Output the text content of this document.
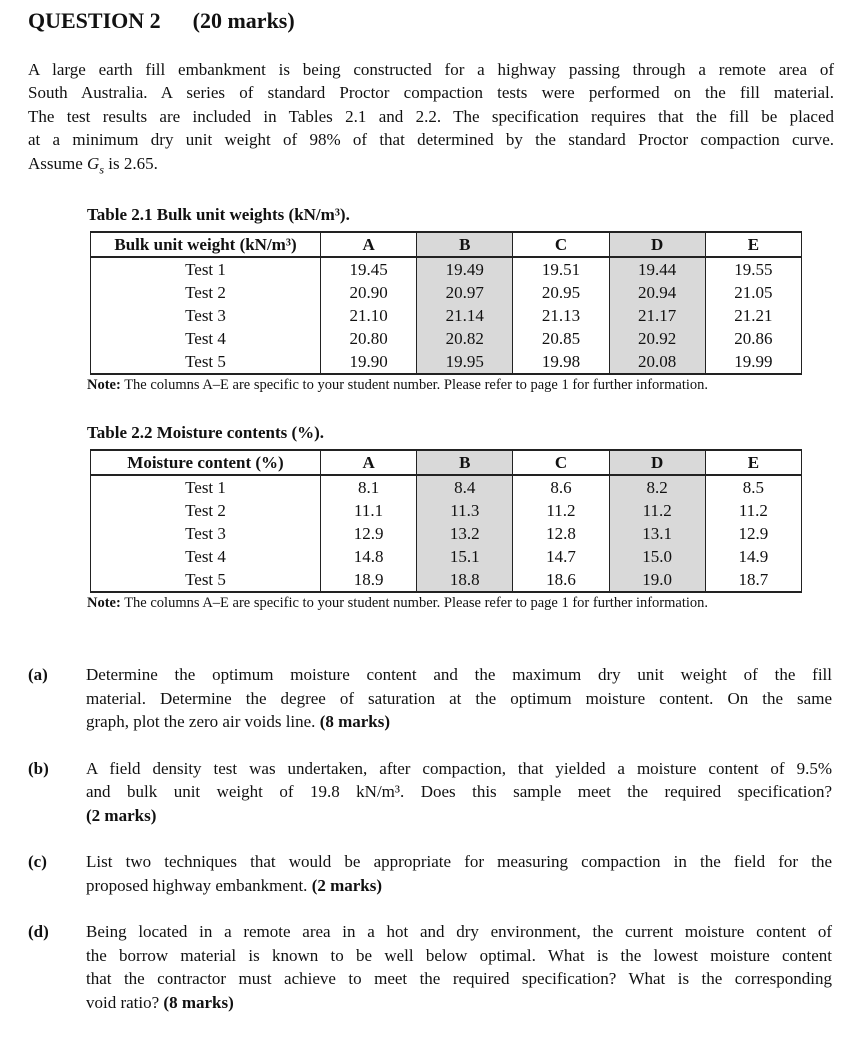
QUESTION 2 (20 marks)
A large earth fill embankment is being constructed for a highway passing through a remote area of
South Australia. A series of standard Proctor compaction tests were performed on the fill material.
The test results are included in Tables 2.1 and 2.2. The specification requires that the fill be placed
at a minimum dry unit weight of 98% of that determined by the standard Proctor compaction curve.
Assume $G_s$ is 2.65.
Table 2.1 Bulk unit weights (kN/m³).
Bulk unit weight (kN/m³)	A	B	C	D	E
Test 1	19.45	19.49	19.51	19.44	19.55
Test 2	20.90	20.97	20.95	20.94	21.05
Test 3	21.10	21.14	21.13	21.17	21.21
Test 4	20.80	20.82	20.85	20.92	20.86
Test 5	19.90	19.95	19.98	20.08	19.99
Note: The columns A–E are specific to your student number. Please refer to page 1 for further information.
Table 2.2 Moisture contents (%).
Moisture content (%)	A	B	C	D	E
Test 1	8.1	8.4	8.6	8.2	8.5
Test 2	11.1	11.3	11.2	11.2	11.2
Test 3	12.9	13.2	12.8	13.1	12.9
Test 4	14.8	15.1	14.7	15.0	14.9
Test 5	18.9	18.8	18.6	19.0	18.7
Note: The columns A–E are specific to your student number. Please refer to page 1 for further information.
(a)	Determine the optimum moisture content and the maximum dry unit weight of the fill
material. Determine the degree of saturation at the optimum moisture content. On the same
graph, plot the zero air voids line. (8 marks)
(b)	A field density test was undertaken, after compaction, that yielded a moisture content of 9.5%
and bulk unit weight of 19.8 kN/m³. Does this sample meet the required specification?
(2 marks)
(c)	List two techniques that would be appropriate for measuring compaction in the field for the
proposed highway embankment. (2 marks)
(d)	Being located in a remote area in a hot and dry environment, the current moisture content of
the borrow material is known to be well below optimal. What is the lowest moisture content
that the contractor must achieve to meet the required specification? What is the corresponding
void ratio? (8 marks)
